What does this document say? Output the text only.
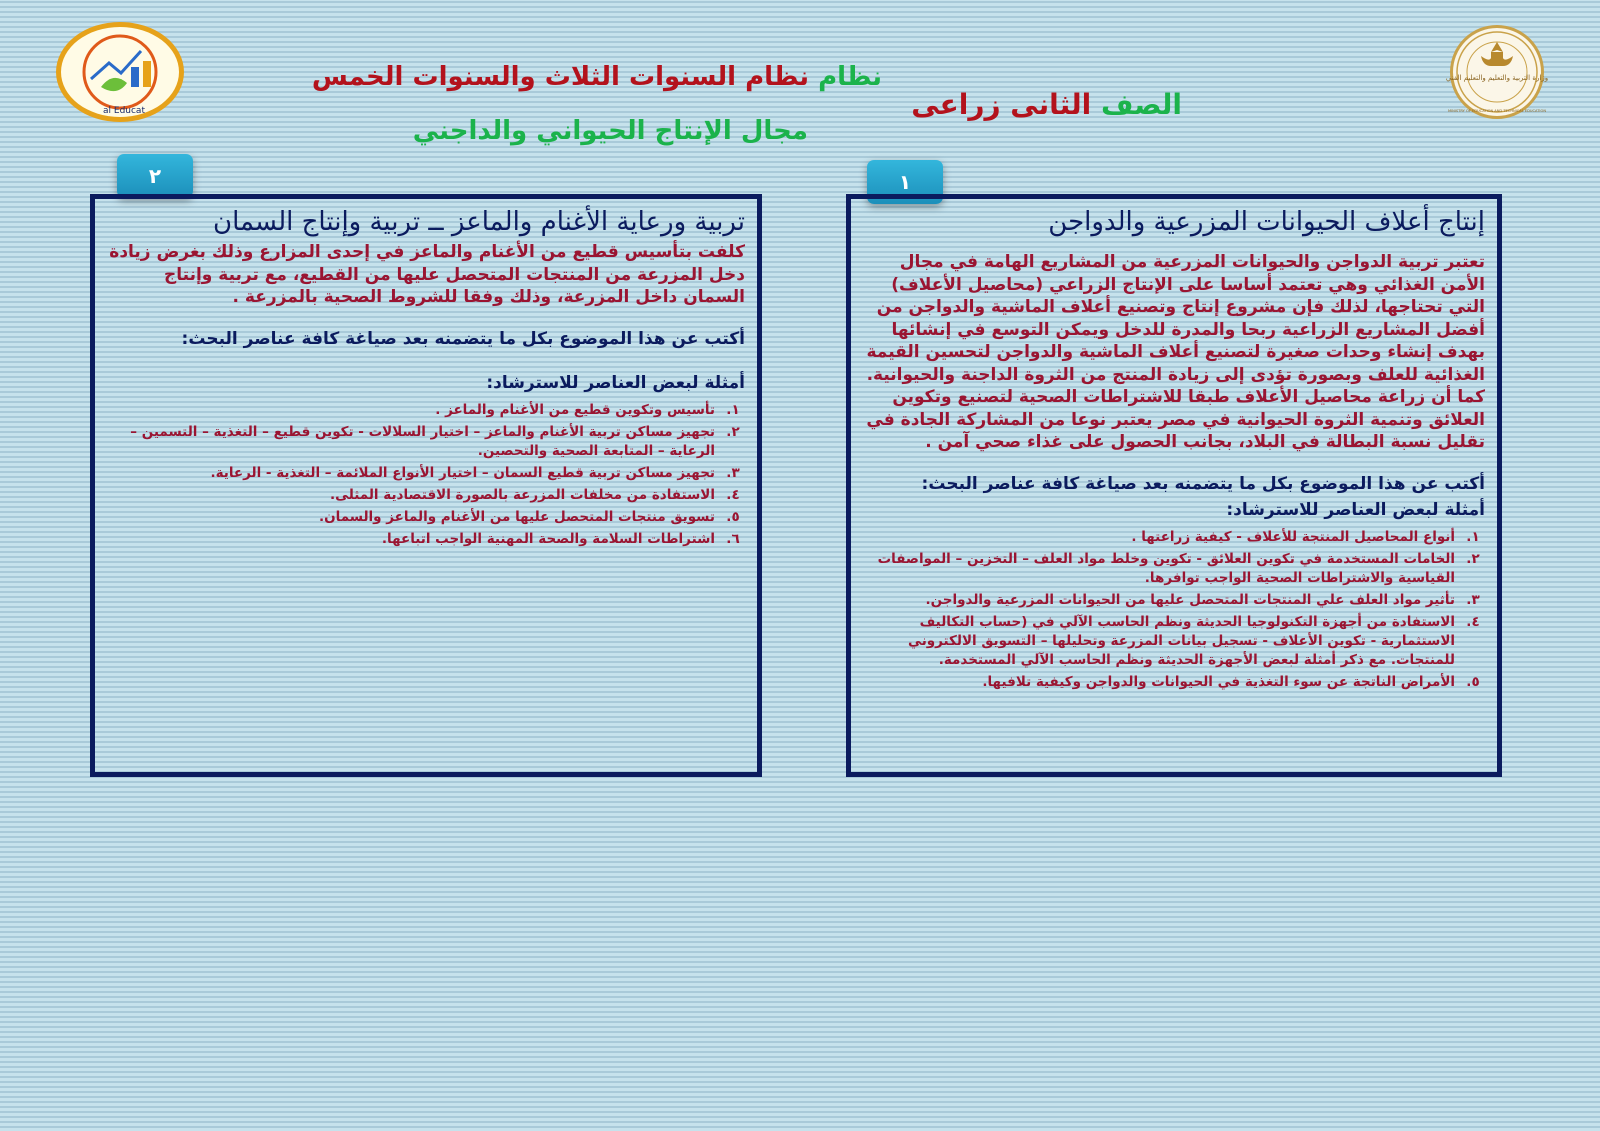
al Educat
وزارة التربية والتعليم والتعليم الفني
MINISTRY OF EDUCATION AND TECHNICAL EDUCATION
نظام نظام السنوات الثلاث والسنوات الخمس
مجال الإنتاج الحيواني والداجني
الصف الثانى زراعى
١
٢
إنتاج أعلاف الحيوانات المزرعية والدواجن
تعتبر تربية الدواجن والحيوانات المزرعية من المشاريع الهامة في مجال الأمن الغذائي وهي تعتمد أساسا على الإنتاج الزراعي (محاصيل الأعلاف) التي تحتاجها، لذلك فإن مشروع إنتاج وتصنيع أعلاف الماشية والدواجن من أفضل المشاريع الزراعية ربحا والمدرة للدخل ويمكن التوسع في إنشائها بهدف إنشاء وحدات صغيرة لتصنيع أعلاف الماشية والدواجن لتحسين القيمة الغذائية للعلف وبصورة تؤدى إلى زيادة المنتج من الثروة الداجنة والحيوانية. كما أن زراعة محاصيل الأعلاف طبقا للاشتراطات الصحية لتصنيع وتكوين العلائق وتنمية الثروة الحيوانية في مصر يعتبر نوعا من المشاركة الجادة في تقليل نسبة البطالة في البلاد، بجانب الحصول على غذاء صحي آمن .
أكتب عن هذا الموضوع بكل ما يتضمنه بعد صياغة كافة عناصر البحث:
أمثلة لبعض العناصر للاسترشاد:
١.
أنواع المحاصيل المنتجة للأعلاف - كيفية زراعتها .
٢.
الخامات المستخدمة في تكوين العلائق - تكوين وخلط مواد العلف – التخزين – المواصفات القياسية والاشتراطات الصحية الواجب توافرها.
٣.
تأثير مواد العلف علي المنتجات المتحصل عليها من الحيوانات المزرعية والدواجن.
٤.
الاستفادة من أجهزة التكنولوجيا الحديثة ونظم الحاسب الآلي في (حساب التكاليف الاستثمارية - تكوين الأعلاف - تسجيل بيانات المزرعة وتحليلها – التسويق الالكتروني للمنتجات. مع ذكر أمثلة لبعض الأجهزة الحديثة ونظم الحاسب الآلي المستخدمة.
٥.
الأمراض الناتجة عن سوء التغذية في الحيوانات والدواجن وكيفية تلافيها.
تربية ورعاية الأغنام والماعز ــ تربية وإنتاج السمان
كلفت بتأسيس قطيع من الأغنام والماعز في إحدى المزارع وذلك بغرض زيادة دخل المزرعة من المنتجات المتحصل عليها من القطيع، مع تربية وإنتاج السمان داخل المزرعة، وذلك وفقا للشروط الصحية بالمزرعة .
أكتب عن هذا الموضوع بكل ما يتضمنه بعد صياغة كافة عناصر البحث:
أمثلة لبعض العناصر للاسترشاد:
١.
تأسيس وتكوين قطيع من الأغنام والماعز .
٢.
تجهيز مساكن تربية الأغنام والماعز – اختيار السلالات - تكوين قطيع – التغذية – التسمين – الرعاية – المتابعة الصحية والتحصين.
٣.
تجهيز مساكن تربية قطيع السمان – اختيار الأنواع الملائمة – التغذية - الرعاية.
٤.
الاستفادة من مخلفات المزرعة بالصورة الاقتصادية المثلى.
٥.
تسويق منتجات المتحصل عليها من الأغنام والماعز والسمان.
٦.
اشتراطات السلامة والصحة المهنية الواجب اتباعها.
